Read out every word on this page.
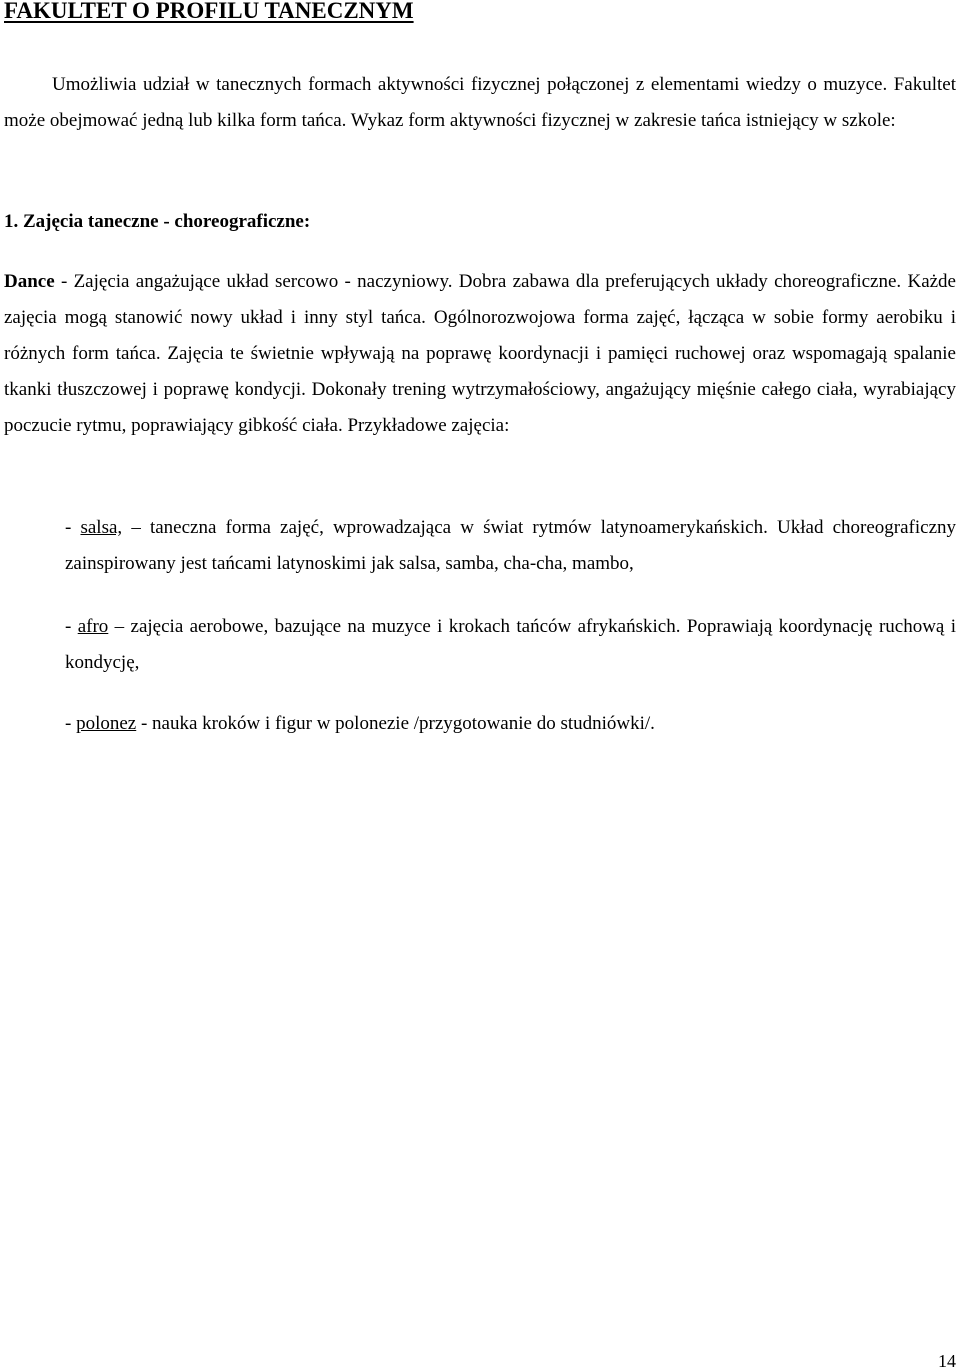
FAKULTET O PROFILU TANECZNYM

Umożliwia udział w tanecznych formach aktywności fizycznej połączonej z elementami wiedzy o muzyce. Fakultet może obejmować jedną lub kilka form tańca. Wykaz form aktywności fizycznej w zakresie tańca istniejący w szkole:

1. Zajęcia taneczne - choreograficzne:

Dance - Zajęcia angażujące układ sercowo - naczyniowy. Dobra zabawa dla preferujących układy choreograficzne. Każde zajęcia mogą stanowić nowy układ i inny styl tańca. Ogólnorozwojowa forma zajęć, łącząca w sobie formy aerobiku i różnych form tańca. Zajęcia te świetnie wpływają na poprawę koordynacji i pamięci ruchowej oraz wspomagają spalanie tkanki tłuszczowej i poprawę kondycji. Dokonały trening wytrzymałościowy, angażujący mięśnie całego ciała, wyrabiający poczucie rytmu, poprawiający gibkość ciała. Przykładowe zajęcia:

- salsa, – taneczna forma zajęć, wprowadzająca w świat rytmów latynoamerykańskich. Układ choreograficzny zainspirowany jest tańcami latynoskimi jak salsa, samba, cha-cha, mambo,

- afro – zajęcia aerobowe, bazujące na muzyce i krokach tańców afrykańskich. Poprawiają koordynację ruchową i kondycję,

- polonez - nauka kroków i figur w polonezie /przygotowanie do studniówki/.

14
